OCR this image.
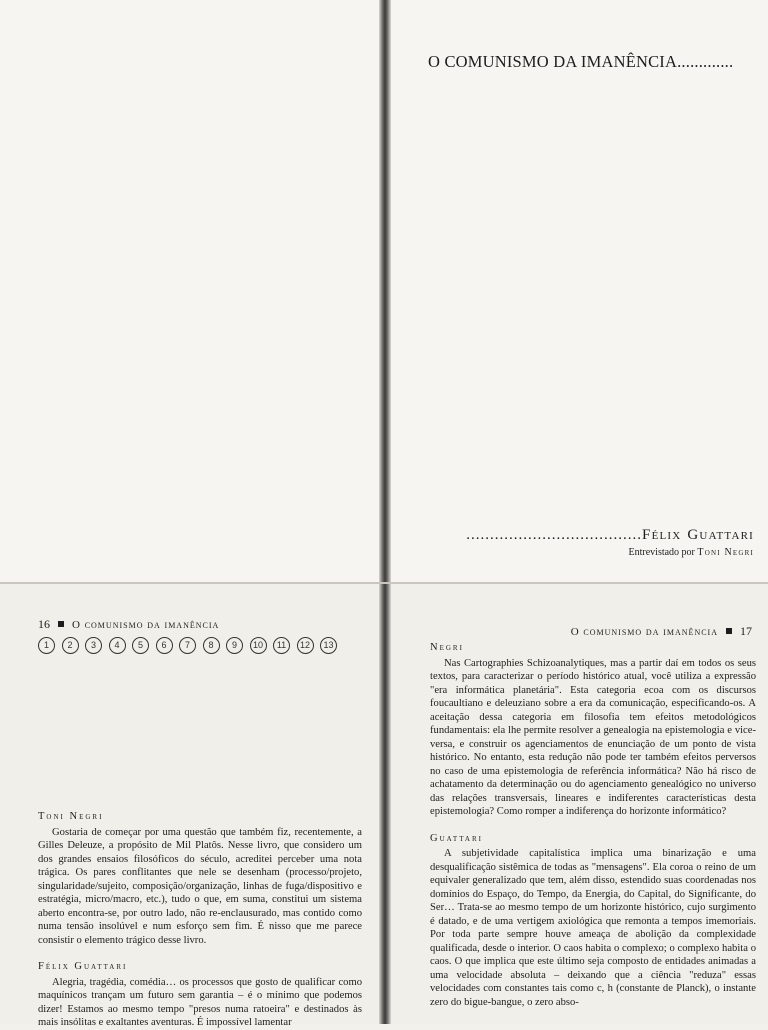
O COMUNISMO DA IMANÊNCIA.............
.....................................Félix Guattari
Entrevistado por Toni Negri
16 O comunismo da imanência
1	2	3	4	5	6	7	8	9	10	11	12	13

Toni Negri

Gostaria de começar por uma questão que também fiz, recentemente, a Gilles Deleuze, a propósito de Mil Platôs. Nesse livro, que considero um dos grandes ensaios filosóficos do século, acreditei perceber uma nota trágica. Os pares conflitantes que nele se desenham (processo/projeto, singularidade/sujeito, composição/organização, linhas de fuga/dispositivo e estratégia, micro/macro, etc.), tudo o que, em suma, constitui um sistema aberto encontra-se, por outro lado, não re-enclausurado, mas contido como numa tensão insolúvel e num esforço sem fim. É nisso que me parece consistir o elemento trágico desse livro.

Félix Guattari

Alegria, tragédia, comédia… os processos que gosto de qualificar como maquínicos trançam um futuro sem garantia – é o mínimo que podemos dizer! Estamos ao mesmo tempo "presos numa ratoeira" e destinados às mais insólitas e exaltantes aventuras. É impossível lamentar

O comunismo da imanência 17

Negri

Nas Cartographies Schizoanalytiques, mas a partir daí em todos os seus textos, para caracterizar o período histórico atual, você utiliza a expressão "era informática planetária". Esta categoria ecoa com os discursos foucaultiano e deleuziano sobre a era da comunicação, especificando-os. A aceitação dessa categoria em filosofia tem efeitos metodológicos fundamentais: ela lhe permite resolver a genealogia na epistemologia e vice-versa, e construir os agenciamentos de enunciação de um ponto de vista histórico. No entanto, esta redução não pode ter também efeitos perversos no caso de uma epistemologia de referência informática? Não há risco de achatamento da determinação ou do agenciamento genealógico no universo das relações transversais, lineares e indiferentes características desta epistemologia? Como romper a indiferença do horizonte informático?

Guattari

A subjetividade capitalística implica uma binarização e uma desqualificação sistêmica de todas as "mensagens". Ela coroa o reino de um equivaler generalizado que tem, além disso, estendido suas coordenadas nos domínios do Espaço, do Tempo, da Energia, do Capital, do Significante, do Ser… Trata-se ao mesmo tempo de um horizonte histórico, cujo surgimento é datado, e de uma vertigem axiológica que remonta a tempos imemoriais. Por toda parte sempre houve ameaça de abolição da complexidade qualificada, desde o interior. O caos habita o complexo; o complexo habita o caos. O que implica que este último seja composto de entidades animadas a uma velocidade absoluta – deixando que a ciência "reduza" essas velocidades com constantes tais como c, h (constante de Planck), o instante zero do bigue-bangue, o zero abso-
